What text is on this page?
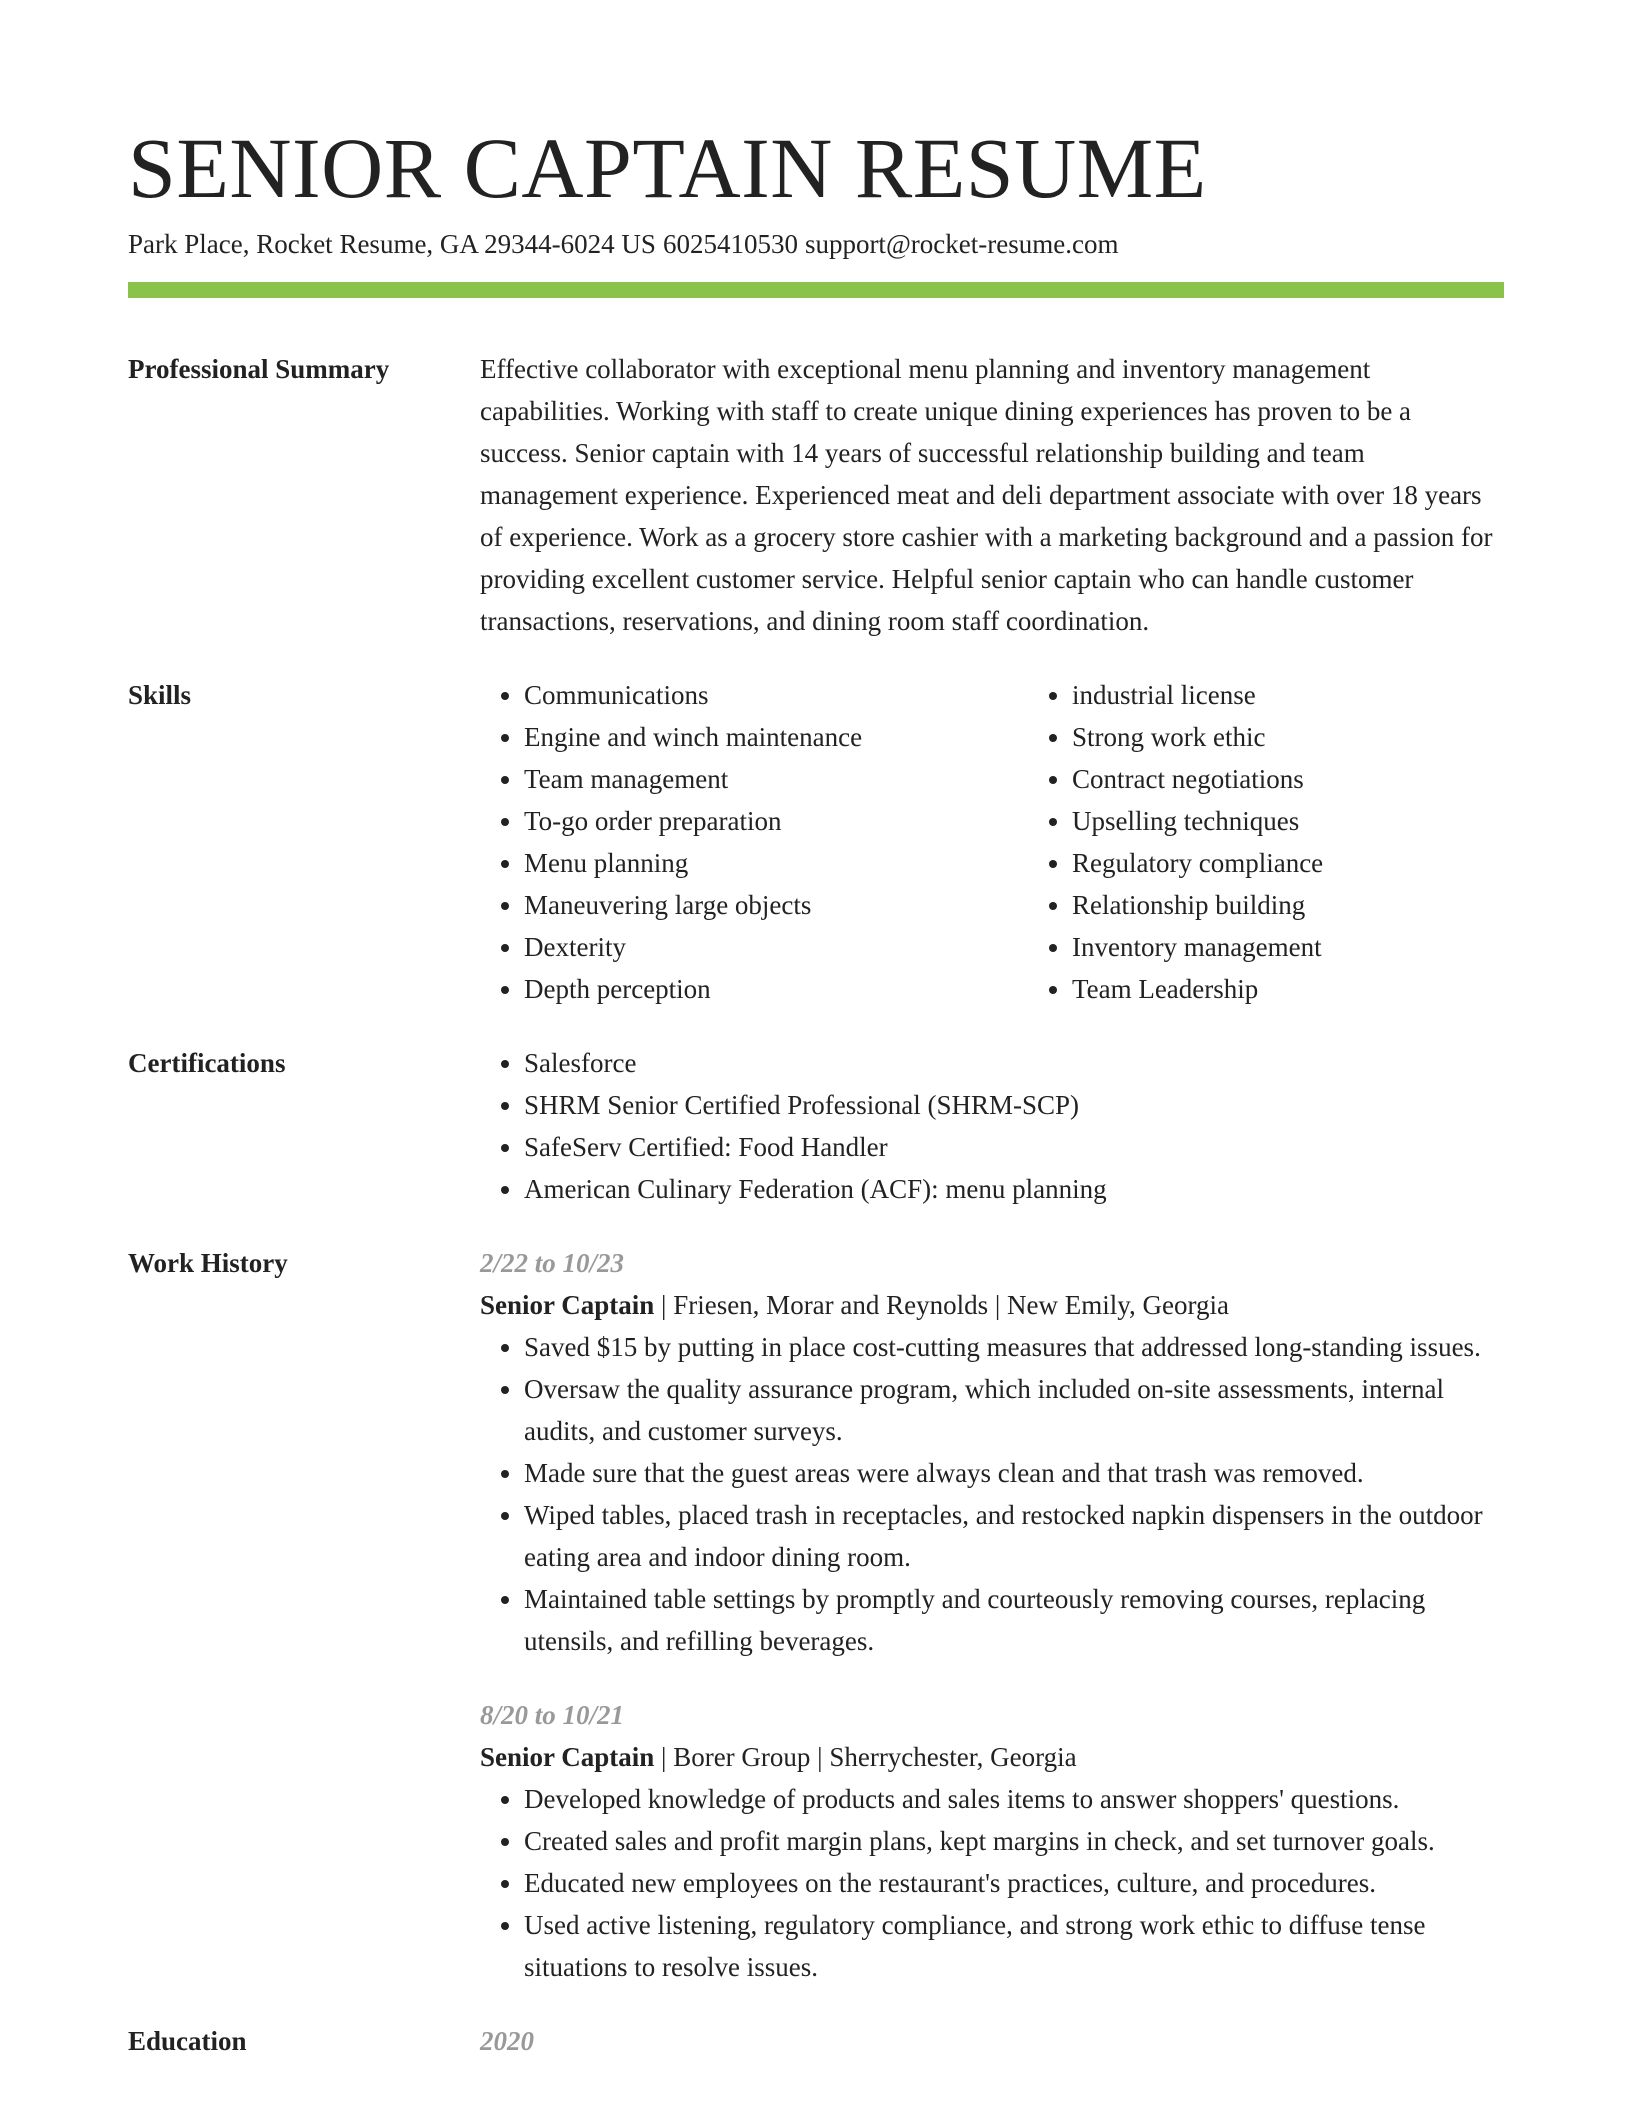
SENIOR CAPTAIN RESUME
Park Place, Rocket Resume, GA 29344-6024 US 6025410530 support@rocket-resume.com
Professional Summary	Effective collaborator with exceptional menu planning and inventory management capabilities. Working with staff to create unique dining experiences has proven to be a success. Senior captain with 14 years of successful relationship building and team management experience. Experienced meat and deli department associate with over 18 years of experience. Work as a grocery store cashier with a marketing background and a passion for providing excellent customer service. Helpful senior captain who can handle customer transactions, reservations, and dining room staff coordination.
Skills	• Communications
• Engine and winch maintenance
• Team management
• To-go order preparation
• Menu planning
• Maneuvering large objects
• Dexterity
• Depth perception
• industrial license
• Strong work ethic
• Contract negotiations
• Upselling techniques
• Regulatory compliance
• Relationship building
• Inventory management
• Team Leadership
Certifications	• Salesforce
• SHRM Senior Certified Professional (SHRM-SCP)
• SafeServ Certified: Food Handler
• American Culinary Federation (ACF): menu planning
Work History	2/22 to 10/23
Senior Captain | Friesen, Morar and Reynolds | New Emily, Georgia
• Saved $15 by putting in place cost-cutting measures that addressed long-standing issues.
• Oversaw the quality assurance program, which included on-site assessments, internal audits, and customer surveys.
• Made sure that the guest areas were always clean and that trash was removed.
• Wiped tables, placed trash in receptacles, and restocked napkin dispensers in the outdoor eating area and indoor dining room.
• Maintained table settings by promptly and courteously removing courses, replacing utensils, and refilling beverages.
8/20 to 10/21
Senior Captain | Borer Group | Sherrychester, Georgia
• Developed knowledge of products and sales items to answer shoppers' questions.
• Created sales and profit margin plans, kept margins in check, and set turnover goals.
• Educated new employees on the restaurant's practices, culture, and procedures.
• Used active listening, regulatory compliance, and strong work ethic to diffuse tense situations to resolve issues.
Education	2020
